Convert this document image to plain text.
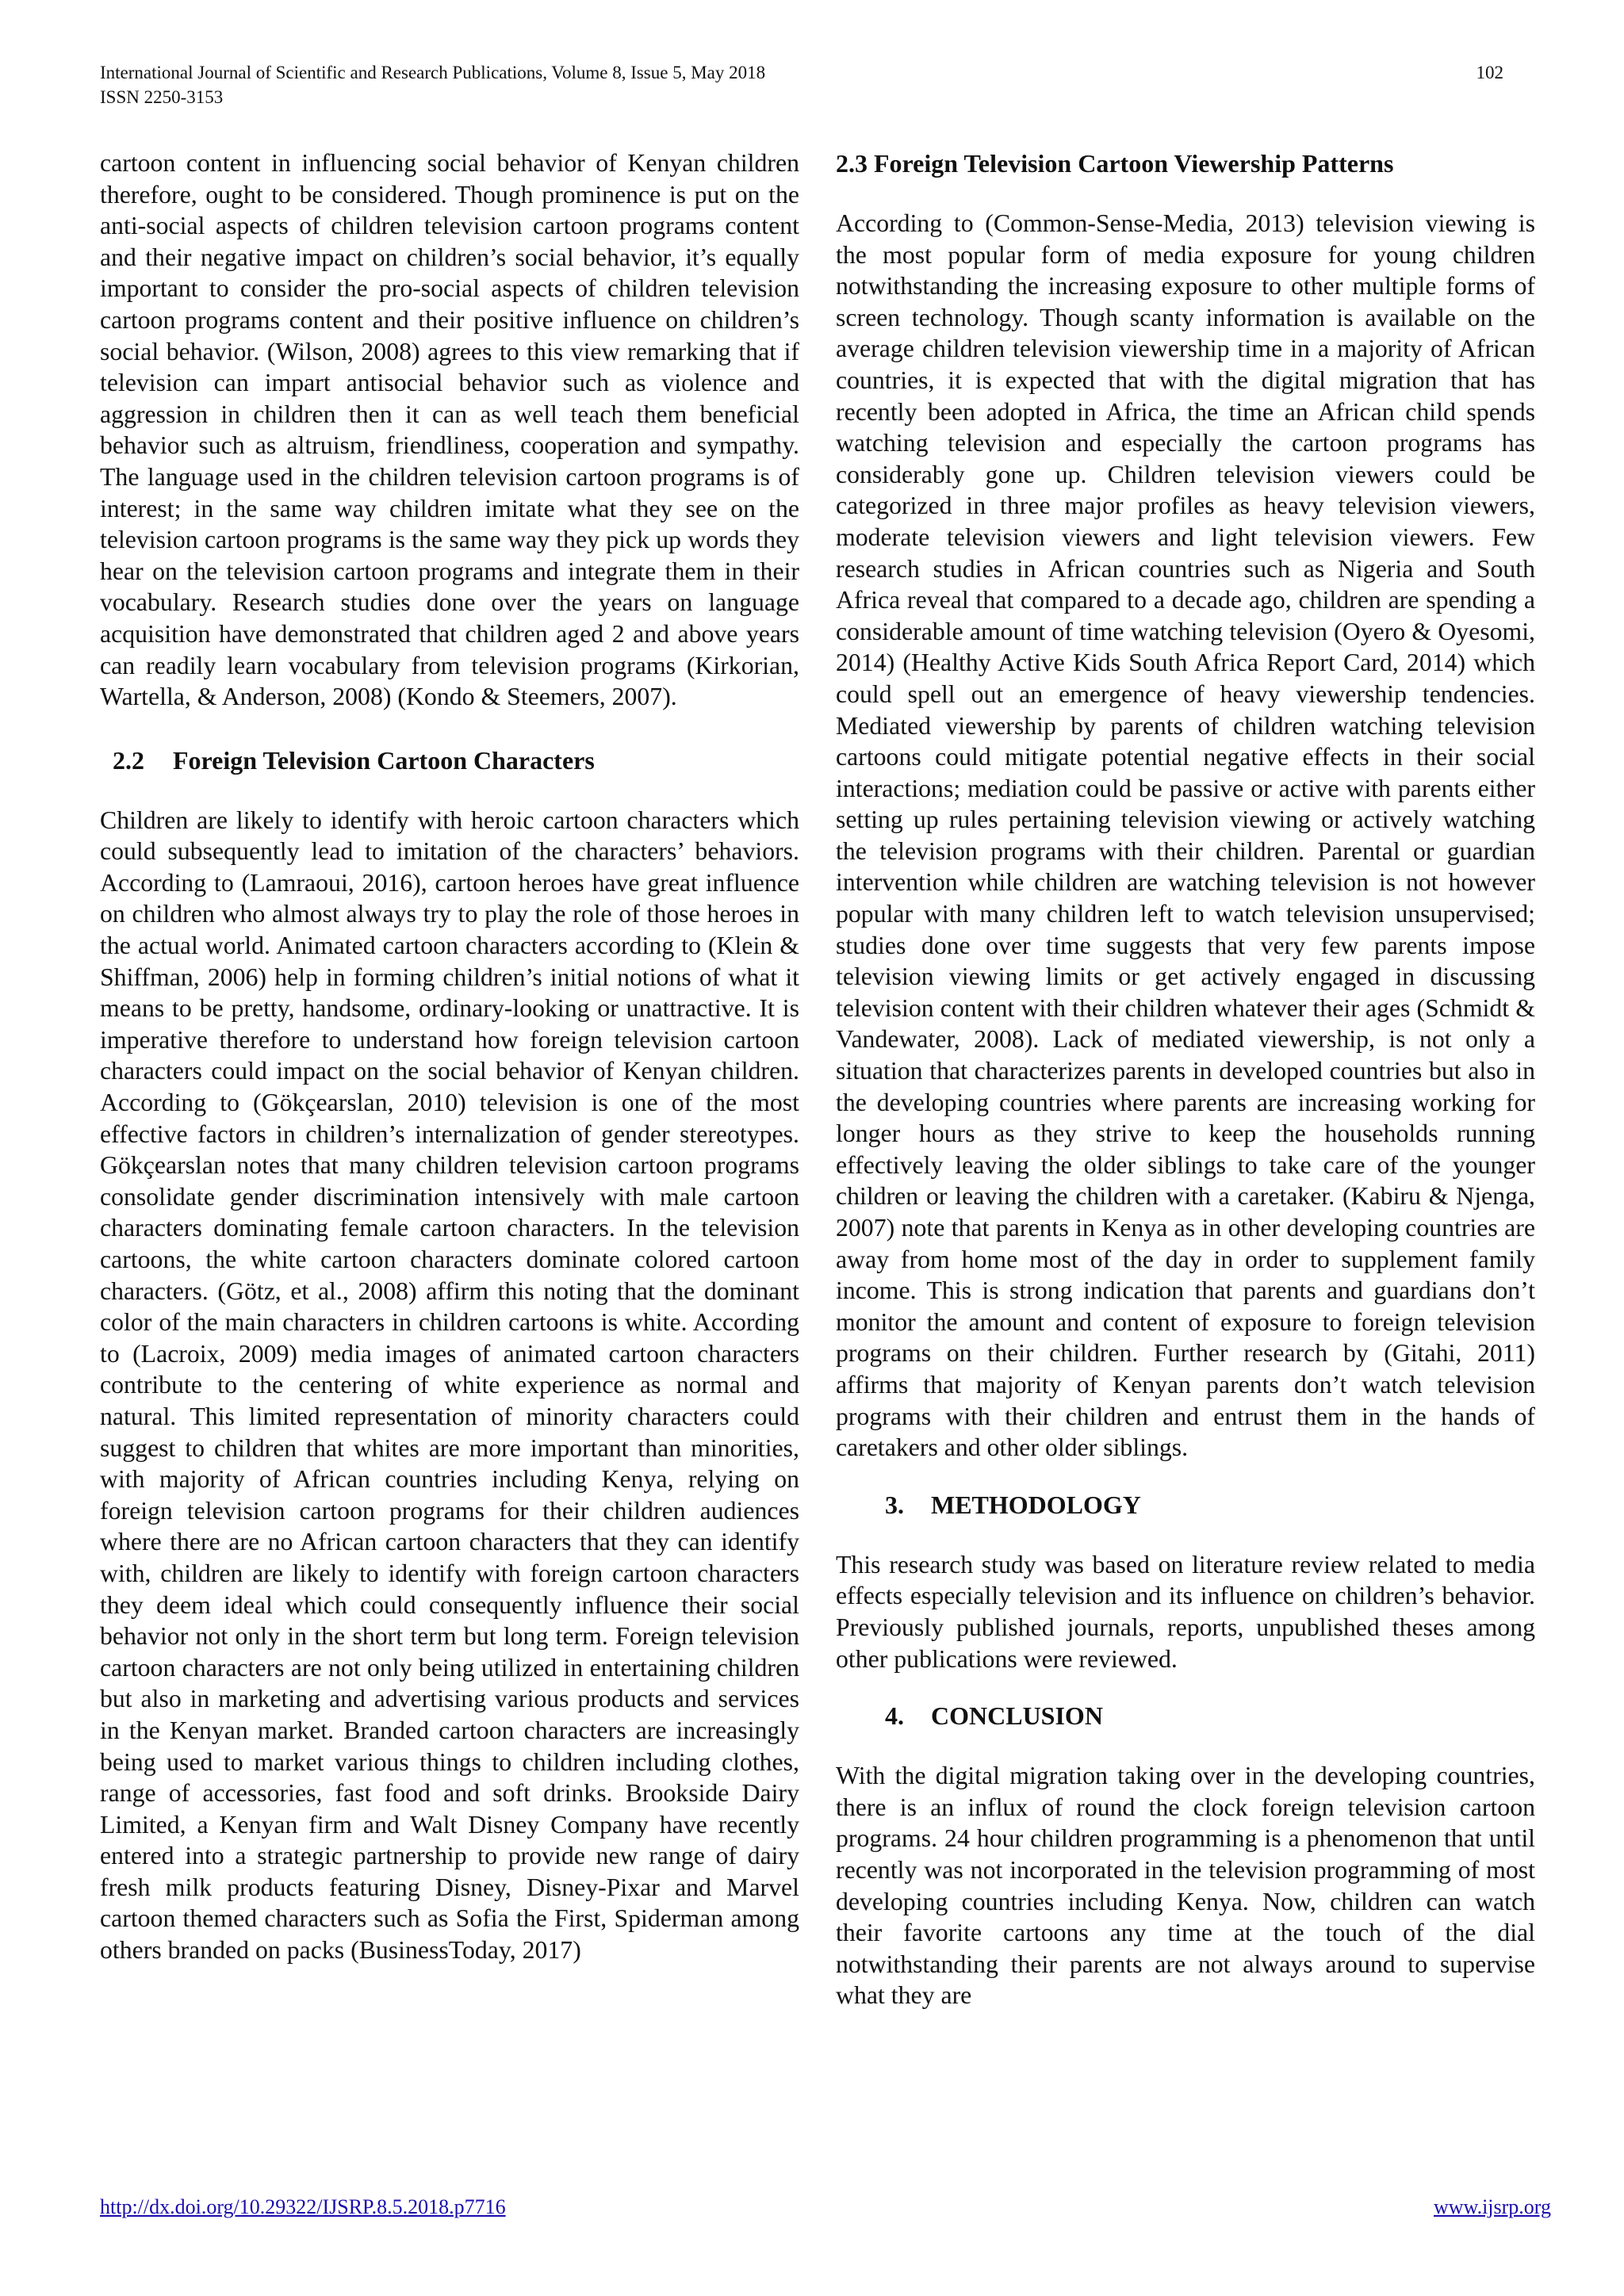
International Journal of Scientific and Research Publications, Volume 8, Issue 5, May 2018
ISSN 2250-3153
102

cartoon content in influencing social behavior of Kenyan children therefore, ought to be considered. Though prominence is put on the anti-social aspects of children television cartoon programs content and their negative impact on children’s social behavior, it’s equally important to consider the pro-social aspects of children television cartoon programs content and their positive influence on children’s social behavior. (Wilson, 2008) agrees to this view remarking that if television can impart antisocial behavior such as violence and aggression in children then it can as well teach them beneficial behavior such as altruism, friendliness, cooperation and sympathy. The language used in the children television cartoon programs is of interest; in the same way children imitate what they see on the television cartoon programs is the same way they pick up words they hear on the television cartoon programs and integrate them in their vocabulary. Research studies done over the years on language acquisition have demonstrated that children aged 2 and above years can readily learn vocabulary from television programs (Kirkorian, Wartella, & Anderson, 2008) (Kondo & Steemers, 2007).

2.2 Foreign Television Cartoon Characters

Children are likely to identify with heroic cartoon characters which could subsequently lead to imitation of the characters’ behaviors. According to (Lamraoui, 2016), cartoon heroes have great influence on children who almost always try to play the role of those heroes in the actual world. Animated cartoon characters according to (Klein & Shiffman, 2006) help in forming children’s initial notions of what it means to be pretty, handsome, ordinary-looking or unattractive. It is imperative therefore to understand how foreign television cartoon characters could impact on the social behavior of Kenyan children. According to (Gökçearslan, 2010) television is one of the most effective factors in children’s internalization of gender stereotypes. Gökçearslan notes that many children television cartoon programs consolidate gender discrimination intensively with male cartoon characters dominating female cartoon characters. In the television cartoons, the white cartoon characters dominate colored cartoon characters. (Götz, et al., 2008) affirm this noting that the dominant color of the main characters in children cartoons is white. According to (Lacroix, 2009) media images of animated cartoon characters contribute to the centering of white experience as normal and natural. This limited representation of minority characters could suggest to children that whites are more important than minorities, with majority of African countries including Kenya, relying on foreign television cartoon programs for their children audiences where there are no African cartoon characters that they can identify with, children are likely to identify with foreign cartoon characters they deem ideal which could consequently influence their social behavior not only in the short term but long term. Foreign television cartoon characters are not only being utilized in entertaining children but also in marketing and advertising various products and services in the Kenyan market. Branded cartoon characters are increasingly being used to market various things to children including clothes, range of accessories, fast food and soft drinks. Brookside Dairy Limited, a Kenyan firm and Walt Disney Company have recently entered into a strategic partnership to provide new range of dairy fresh milk products featuring Disney, Disney-Pixar and Marvel cartoon themed characters such as Sofia the First, Spiderman among others branded on packs (BusinessToday, 2017)

2.3 Foreign Television Cartoon Viewership Patterns

According to (Common-Sense-Media, 2013) television viewing is the most popular form of media exposure for young children notwithstanding the increasing exposure to other multiple forms of screen technology. Though scanty information is available on the average children television viewership time in a majority of African countries, it is expected that with the digital migration that has recently been adopted in Africa, the time an African child spends watching television and especially the cartoon programs has considerably gone up. Children television viewers could be categorized in three major profiles as heavy television viewers, moderate television viewers and light television viewers. Few research studies in African countries such as Nigeria and South Africa reveal that compared to a decade ago, children are spending a considerable amount of time watching television (Oyero & Oyesomi, 2014) (Healthy Active Kids South Africa Report Card, 2014) which could spell out an emergence of heavy viewership tendencies. Mediated viewership by parents of children watching television cartoons could mitigate potential negative effects in their social interactions; mediation could be passive or active with parents either setting up rules pertaining television viewing or actively watching the television programs with their children. Parental or guardian intervention while children are watching television is not however popular with many children left to watch television unsupervised; studies done over time suggests that very few parents impose television viewing limits or get actively engaged in discussing television content with their children whatever their ages (Schmidt & Vandewater, 2008). Lack of mediated viewership, is not only a situation that characterizes parents in developed countries but also in the developing countries where parents are increasing working for longer hours as they strive to keep the households running effectively leaving the older siblings to take care of the younger children or leaving the children with a caretaker. (Kabiru & Njenga, 2007) note that parents in Kenya as in other developing countries are away from home most of the day in order to supplement family income. This is strong indication that parents and guardians don’t monitor the amount and content of exposure to foreign television programs on their children. Further research by (Gitahi, 2011) affirms that majority of Kenyan parents don’t watch television programs with their children and entrust them in the hands of caretakers and other older siblings.

3. METHODOLOGY

This research study was based on literature review related to media effects especially television and its influence on children’s behavior. Previously published journals, reports, unpublished theses among other publications were reviewed.

4. CONCLUSION

With the digital migration taking over in the developing countries, there is an influx of round the clock foreign television cartoon programs. 24 hour children programming is a phenomenon that until recently was not incorporated in the television programming of most developing countries including Kenya. Now, children can watch their favorite cartoons any time at the touch of the dial notwithstanding their parents are not always around to supervise what they are

http://dx.doi.org/10.29322/IJSRP.8.5.2018.p7716	www.ijsrp.org
